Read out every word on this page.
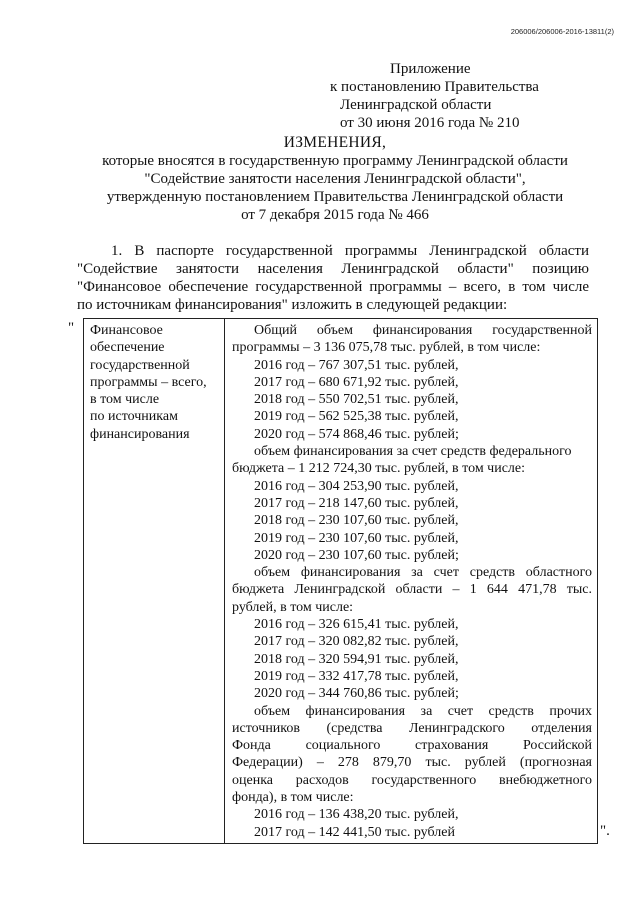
206006/206006-2016-13811(2)
Приложение
к постановлению Правительства
Ленинградской области
от 30 июня 2016 года № 210
ИЗМЕНЕНИЯ,
которые вносятся в государственную программу Ленинградской области
"Содействие занятости населения Ленинградской области",
утвержденную постановлением Правительства Ленинградской области
от 7 декабря 2015 года № 466
1. В паспорте государственной программы Ленинградской области
"Содействие занятости населения Ленинградской области" позицию
"Финансовое обеспечение государственной программы – всего, в том числе
по источникам финансирования" изложить в следующей редакции:
" Финансовое
обеспечение
государственной
программы – всего,
в том числе
по источникам
финансирования
Общий объем финансирования государственной
программы – 3 136 075,78 тыс. рублей, в том числе:
2016 год – 767 307,51 тыс. рублей,
2017 год – 680 671,92 тыс. рублей,
2018 год – 550 702,51 тыс. рублей,
2019 год – 562 525,38 тыс. рублей,
2020 год – 574 868,46 тыс. рублей;
объем финансирования за счет средств федерального
бюджета – 1 212 724,30 тыс. рублей, в том числе:
2016 год – 304 253,90 тыс. рублей,
2017 год – 218 147,60 тыс. рублей,
2018 год – 230 107,60 тыс. рублей,
2019 год – 230 107,60 тыс. рублей,
2020 год – 230 107,60 тыс. рублей;
объем финансирования за счет средств областного
бюджета Ленинградской области – 1 644 471,78 тыс.
рублей, в том числе:
2016 год – 326 615,41 тыс. рублей,
2017 год – 320 082,82 тыс. рублей,
2018 год – 320 594,91 тыс. рублей,
2019 год – 332 417,78 тыс. рублей,
2020 год – 344 760,86 тыс. рублей;
объем финансирования за счет средств прочих
источников (средства Ленинградского отделения
Фонда социального страхования Российской
Федерации) – 278 879,70 тыс. рублей (прогнозная
оценка расходов государственного внебюджетного
фонда), в том числе:
2016 год – 136 438,20 тыс. рублей,
2017 год – 142 441,50 тыс. рублей	".
